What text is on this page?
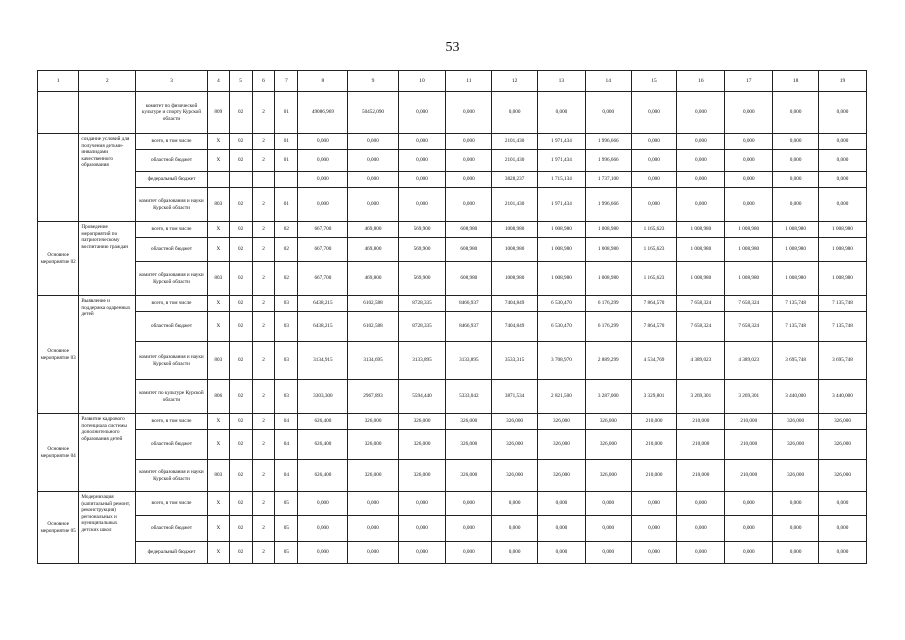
53
1	2	3	4	5	6	7	8	9	10	11	12	13	14	15	16	17	18	19
		комитет по физической культуре и спорту Курской области	809	02	2	01	49086,969	50452,090	0,000	0,000	0,000	0,000	0,000	0,000	0,000	0,000	0,000	0,000
	создание условий для получения детьми-инвалидами качественного образования	всего, в том числе	Х	02	2	01	0,000	0,000	0,000	0,000	2101,430	1 971,434	1 996,666	0,000	0,000	0,000	0,000	0,000
		областной бюджет	Х	02	2	01	0,000	0,000	0,000	0,000	2101,430	1 971,434	1 996,666	0,000	0,000	0,000	0,000	0,000
		федеральный бюджет					0,000	0,000	0,000	0,000	3828,237	1 715,134	1 737,100	0,000	0,000	0,000	0,000	0,000
		комитет образования и науки Курской области	803	02	2	01	0,000	0,000	0,000	0,000	2101,430	1 971,434	1 996,666	0,000	0,000	0,000	0,000	0,000
Основное мероприятие 02	Проведение мероприятий по патриотическому воспитанию граждан	всего, в том числе	Х	02	2	02	667,700	469,800	569,900	608,980	1008,980	1 008,980	1 008,980	1 165,623	1 008,980	1 008,980	1 008,980	1 008,980
		областной бюджет	Х	02	2	02	667,700	469,800	569,900	608,980	1008,980	1 008,980	1 008,980	1 165,623	1 008,980	1 008,980	1 008,980	1 008,980
		комитет образования и науки Курской области	803	02	2	02	667,700	469,800	569,900	608,980	1008,980	1 008,980	1 008,980	1 165,623	1 008,980	1 008,980	1 008,980	1 008,980
Основное мероприятие 03	Выявление и поддержка одаренных детей	всего, в том числе	Х	02	2	03	6438,215	6102,588	8728,335	8466,937	7404,849	6 530,470	6 176,299	7 864,570	7 658,324	7 658,324	7 135,748	7 135,748
		областной бюджет	Х	02	2	03	6438,215	6102,588	8728,335	8466,937	7404,849	6 530,470	6 176,299	7 864,570	7 658,324	7 658,324	7 135,748	7 135,748
		комитет образования и науки Курской области	803	02	2	03	3134,915	3134,695	3133,895	3133,895	3533,315	3 708,970	2 889,299	4 534,769	4 389,023	4 389,023	3 695,748	3 695,748
		комитет по культуре Курской области	806	02	2	03	3303,300	2967,893	5594,440	5333,042	3871,534	2 821,500	3 287,000	3 329,801	3 269,301	3 269,301	3 440,000	3 440,000
Основное мероприятие 04	Развитие кадрового потенциала системы дополнительного образования детей	всего, в том числе	Х	02	2	04	626,400	326,000	326,000	326,000	326,000	326,000	326,000	210,000	210,000	210,000	326,000	326,000
		областной бюджет	Х	02	2	04	626,400	326,000	326,000	326,000	326,000	326,000	326,000	210,000	210,000	210,000	326,000	326,000
		комитет образования и науки Курской области	803	02	2	04	626,400	326,000	326,000	326,000	326,000	326,000	326,000	210,000	210,000	210,000	326,000	326,000
Основное мероприятие 05	Модернизация (капитальный ремонт, реконструкция) региональных и муниципальных детских школ	всего, в том числе	Х	02	2	05	0,000	0,000	0,000	0,000	0,000	0,000	0,000	0,000	0,000	0,000	0,000	0,000
		областной бюджет	Х	02	2	05	0,000	0,000	0,000	0,000	0,000	0,000	0,000	0,000	0,000	0,000	0,000	0,000
		федеральный бюджет	Х	02	2	05	0,000	0,000	0,000	0,000	0,000	0,000	0,000	0,000	0,000	0,000	0,000	0,000
